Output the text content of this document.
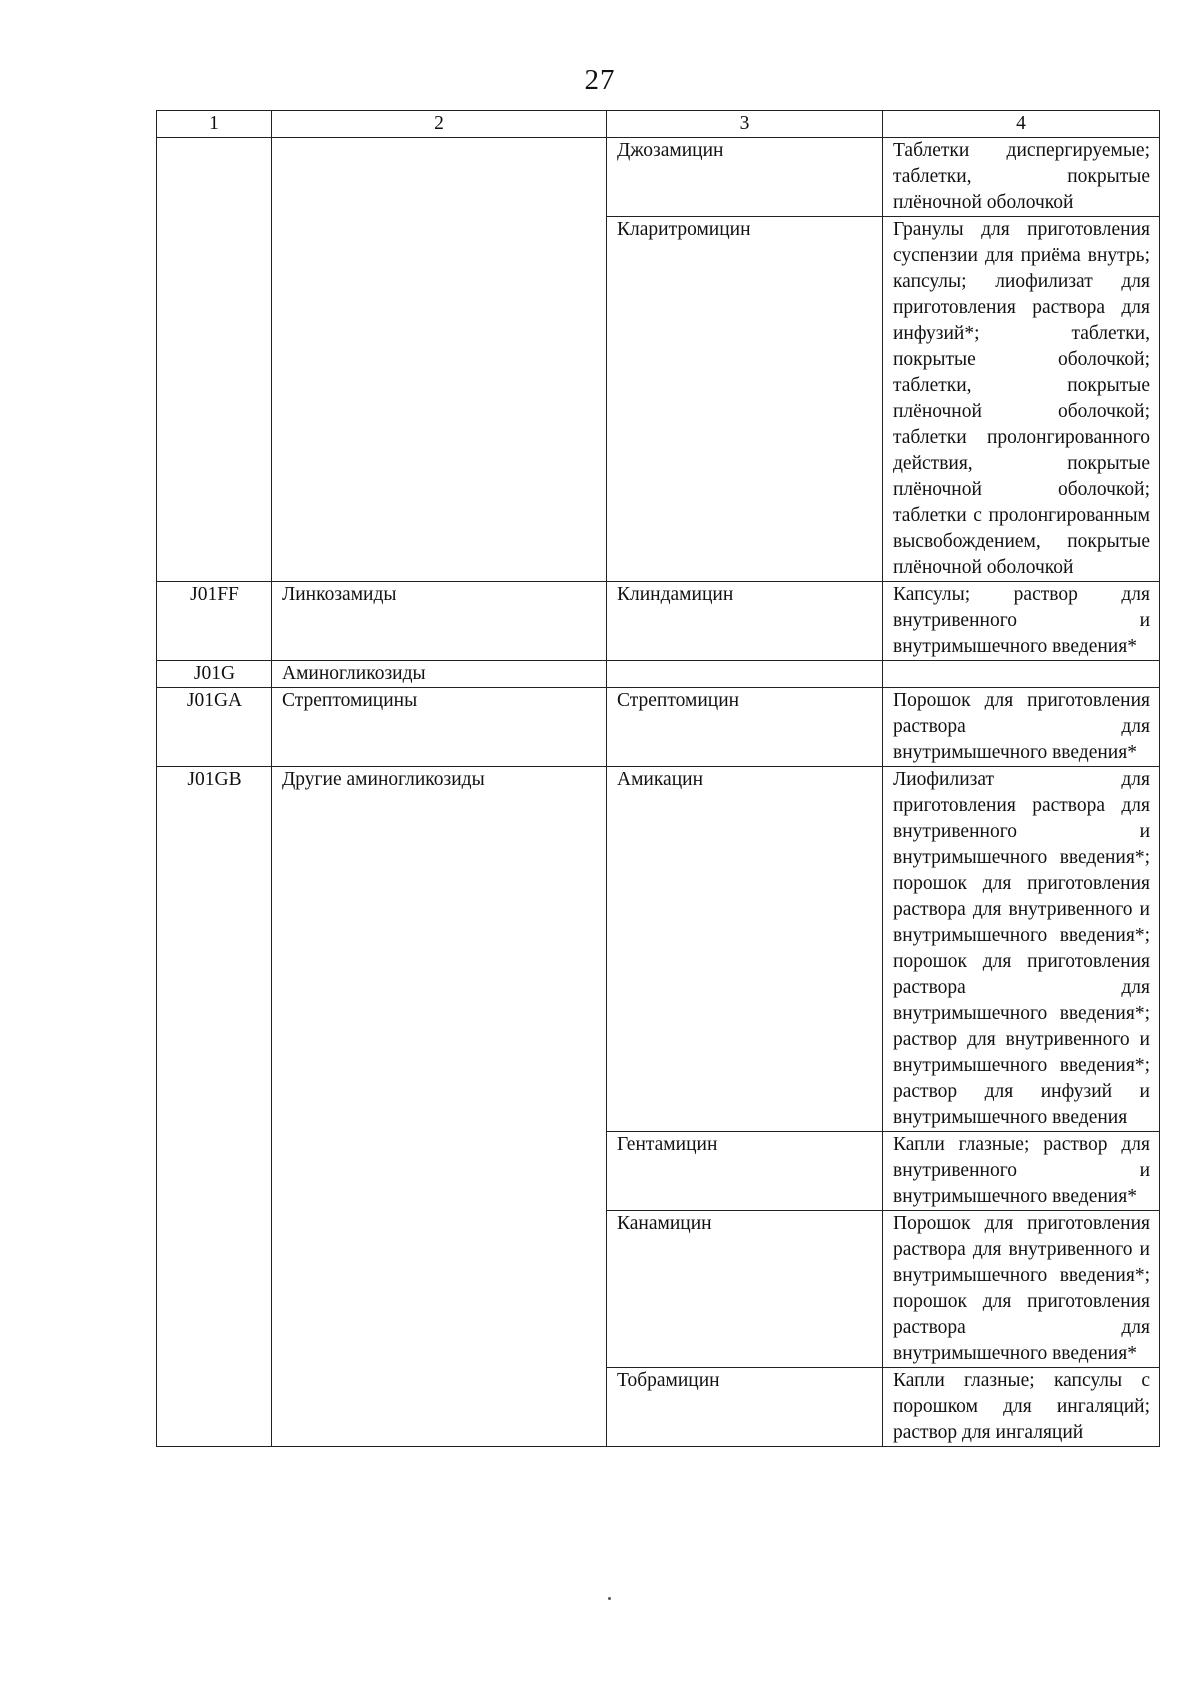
27
1	2	3	4
		Джозамицин	Таблетки диспергируемые; таблетки, покрытые плёночной оболочкой
		Кларитромицин	Гранулы для приготовления суспензии для приёма внутрь; капсулы; лиофилизат для приготовления раствора для инфузий*; таблетки, покрытые оболочкой; таблетки, покрытые плёночной оболочкой; таблетки пролонгированного действия, покрытые плёночной оболочкой; таблетки с пролонгированным высвобождением, покрытые плёночной оболочкой
J01FF	Линкозамиды	Клиндамицин	Капсулы; раствор для внутривенного и внутримышечного введения*
J01G	Аминогликозиды		
J01GA	Стрептомицины	Стрептомицин	Порошок для приготовления раствора для внутримышечного введения*
J01GB	Другие аминогликозиды	Амикацин	Лиофилизат для приготовления раствора для внутривенного и внутримышечного введения*; порошок для приготовления раствора для внутривенного и внутримышечного введения*; порошок для приготовления раствора для внутримышечного введения*; раствор для внутривенного и внутримышечного введения*; раствор для инфузий и внутримышечного введения
		Гентамицин	Капли глазные; раствор для внутривенного и внутримышечного введения*
		Канамицин	Порошок для приготовления раствора для внутривенного и внутримышечного введения*; порошок для приготовления раствора для внутримышечного введения*
		Тобрамицин	Капли глазные; капсулы с порошком для ингаляций; раствор для ингаляций
